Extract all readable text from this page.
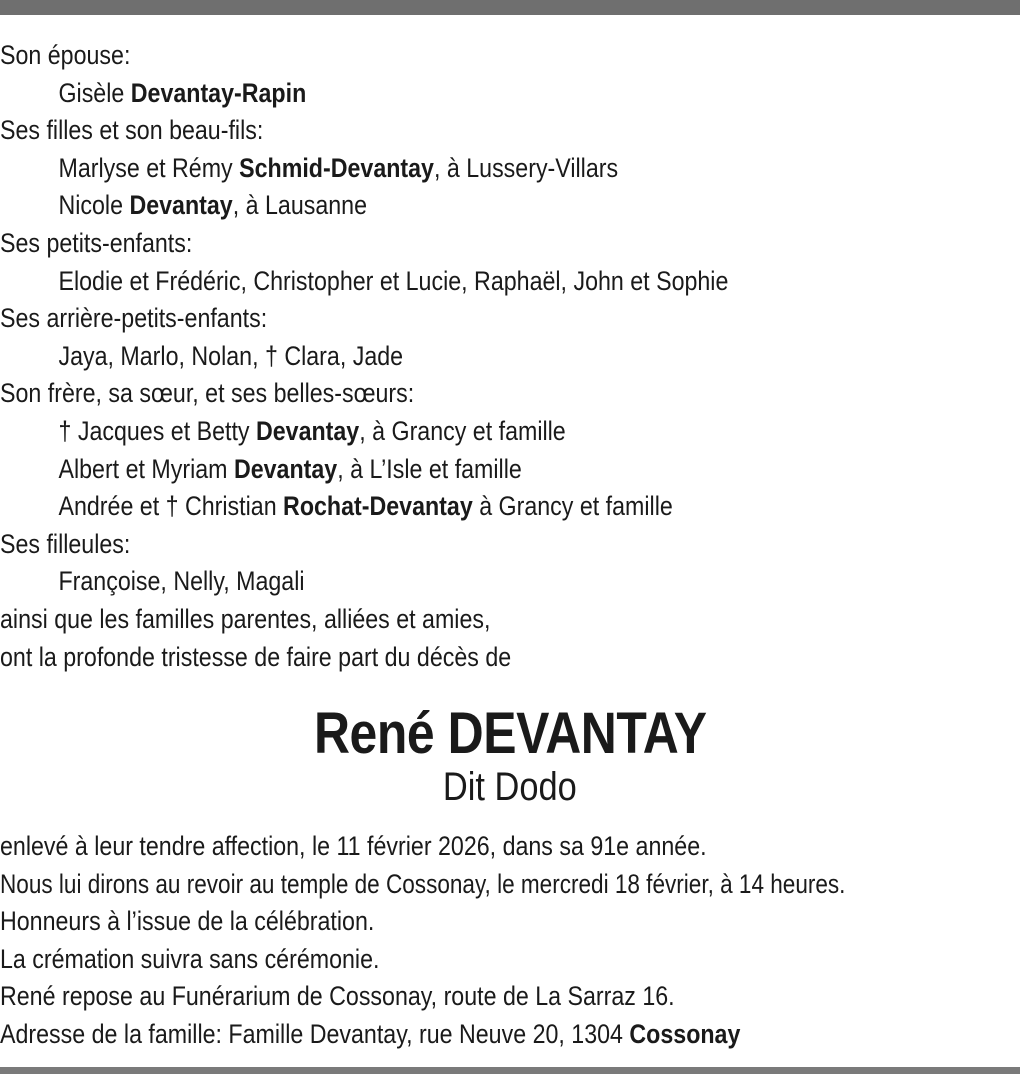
Son épouse:
Gisèle Devantay-Rapin
Ses filles et son beau-fils:
Marlyse et Rémy Schmid-Devantay, à Lussery-Villars
Nicole Devantay, à Lausanne
Ses petits-enfants:
Elodie et Frédéric, Christopher et Lucie, Raphaël, John et Sophie
Ses arrière-petits-enfants:
Jaya, Marlo, Nolan, † Clara, Jade
Son frère, sa sœur, et ses belles-sœurs:
† Jacques et Betty Devantay, à Grancy et famille
Albert et Myriam Devantay, à L’Isle et famille
Andrée et † Christian Rochat-Devantay à Grancy et famille
Ses filleules:
Françoise, Nelly, Magali
ainsi que les familles parentes, alliées et amies,
ont la profonde tristesse de faire part du décès de
René DEVANTAY
Dit Dodo
enlevé à leur tendre affection, le 11 février 2026, dans sa 91e année.
Nous lui dirons au revoir au temple de Cossonay, le mercredi 18 février, à 14 heures.
Honneurs à l’issue de la célébration.
La crémation suivra sans cérémonie.
René repose au Funérarium de Cossonay, route de La Sarraz 16.
Adresse de la famille: Famille Devantay, rue Neuve 20, 1304 Cossonay
